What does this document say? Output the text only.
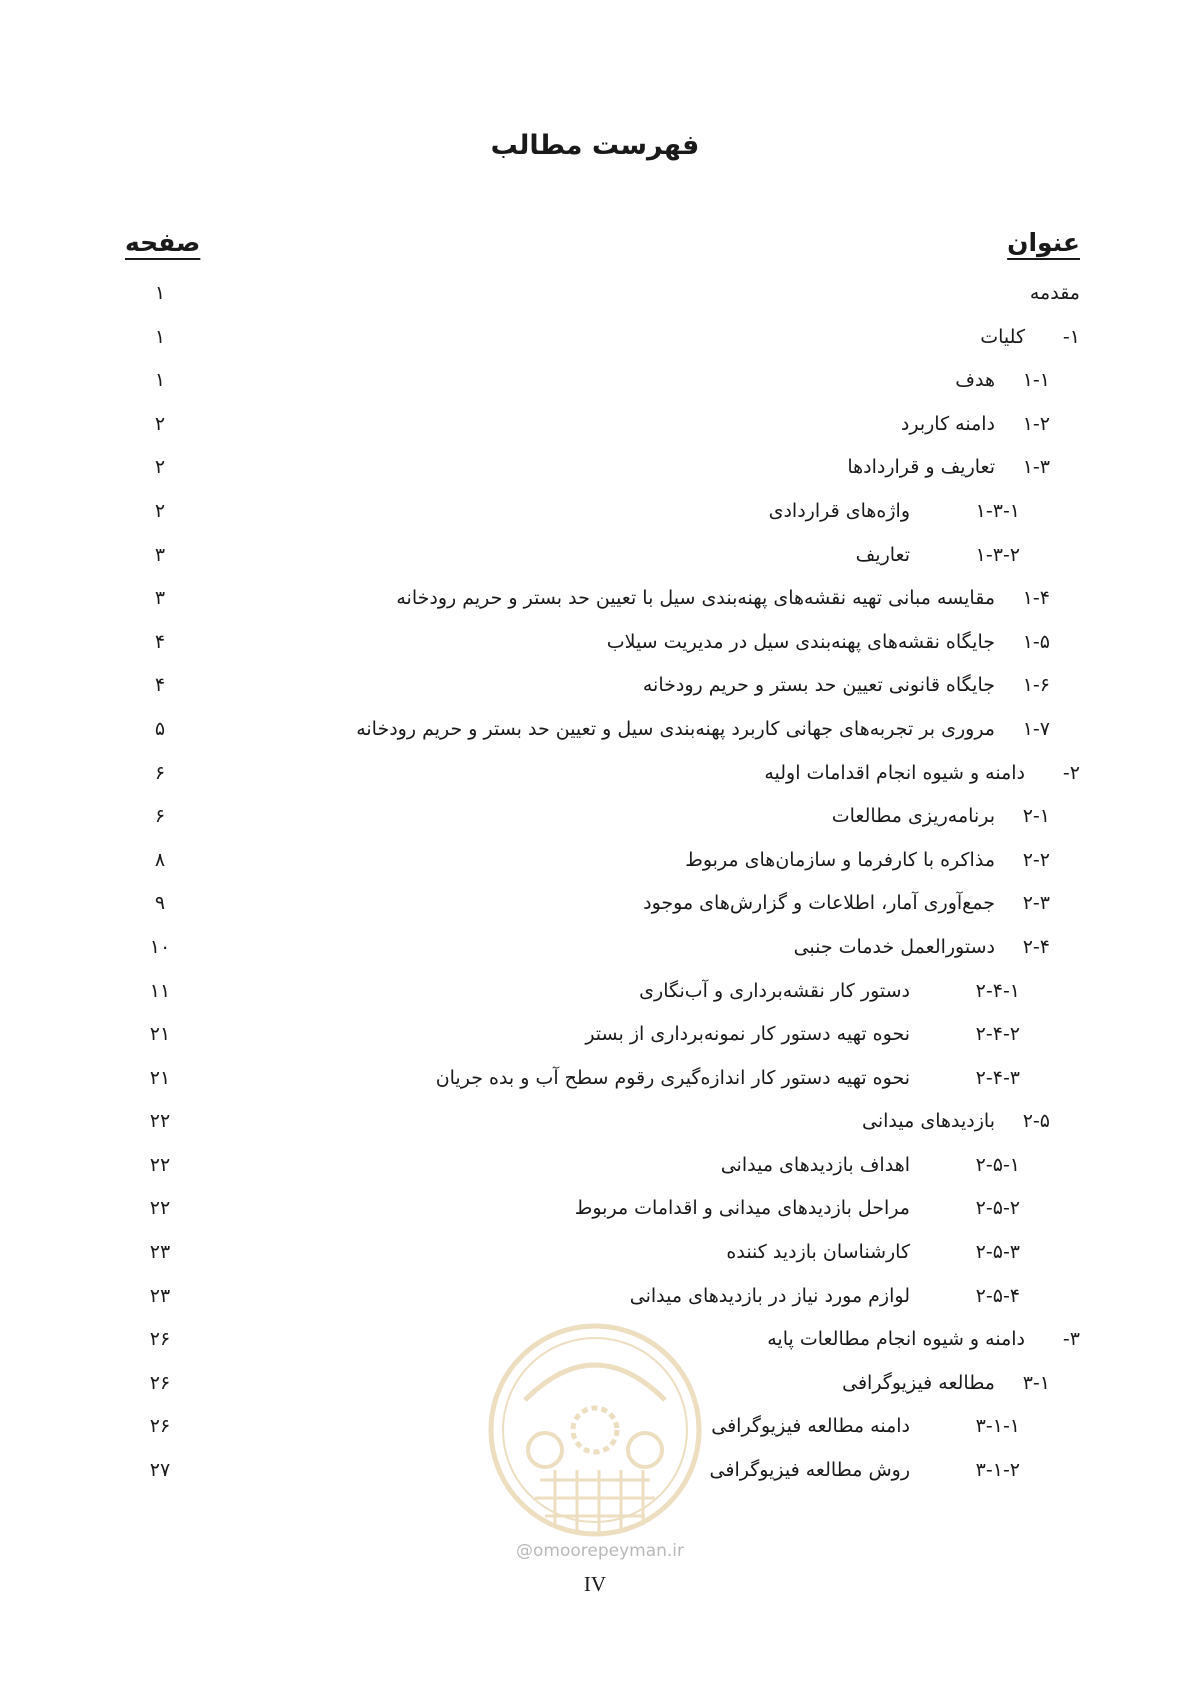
فهرست مطالب
عنوان
صفحه
مقدمه
۱
۱-
کلیات
۱
۱-۱
هدف
۱
۱-۲
دامنه کاربرد
۲
۱-۳
تعاریف و قراردادها
۲
۱-۳-۱
واژه‌های قراردادی
۲
۱-۳-۲
تعاریف
۳
۱-۴
مقایسه مبانی تهیه نقشه‌های پهنه‌بندی سیل با تعیین حد بستر و حریم رودخانه
۳
۱-۵
جایگاه نقشه‌های پهنه‌بندی سیل در مدیریت سیلاب
۴
۱-۶
جایگاه قانونی تعیین حد بستر و حریم رودخانه
۴
۱-۷
مروری بر تجربه‌های جهانی کاربرد پهنه‌بندی سیل و تعیین حد بستر و حریم رودخانه
۵
۲-
دامنه و شیوه انجام اقدامات اولیه
۶
۲-۱
برنامه‌ریزی مطالعات
۶
۲-۲
مذاکره با کارفرما و سازمان‌های مربوط
۸
۲-۳
جمع‌آوری آمار، اطلاعات و گزارش‌های موجود
۹
۲-۴
دستورالعمل خدمات جنبی
۱۰
۲-۴-۱
دستور کار نقشه‌برداری و آب‌نگاری
۱۱
۲-۴-۲
نحوه تهیه دستور کار نمونه‌برداری از بستر
۲۱
۲-۴-۳
نحوه تهیه دستور کار اندازه‌گیری رقوم سطح آب و بده جریان
۲۱
۲-۵
بازدیدهای میدانی
۲۲
۲-۵-۱
اهداف بازدیدهای میدانی
۲۲
۲-۵-۲
مراحل بازدیدهای میدانی و اقدامات مربوط
۲۲
۲-۵-۳
کارشناسان بازدید کننده
۲۳
۲-۵-۴
لوازم مورد نیاز در بازدیدهای میدانی
۲۳
۳-
دامنه و شیوه انجام مطالعات پایه
۲۶
۳-۱
مطالعه فیزیوگرافی
۲۶
۳-۱-۱
دامنه مطالعه فیزیوگرافی
۲۶
۳-۱-۲
روش مطالعه فیزیوگرافی
۲۷
@omoorepeyman.ir
IV
